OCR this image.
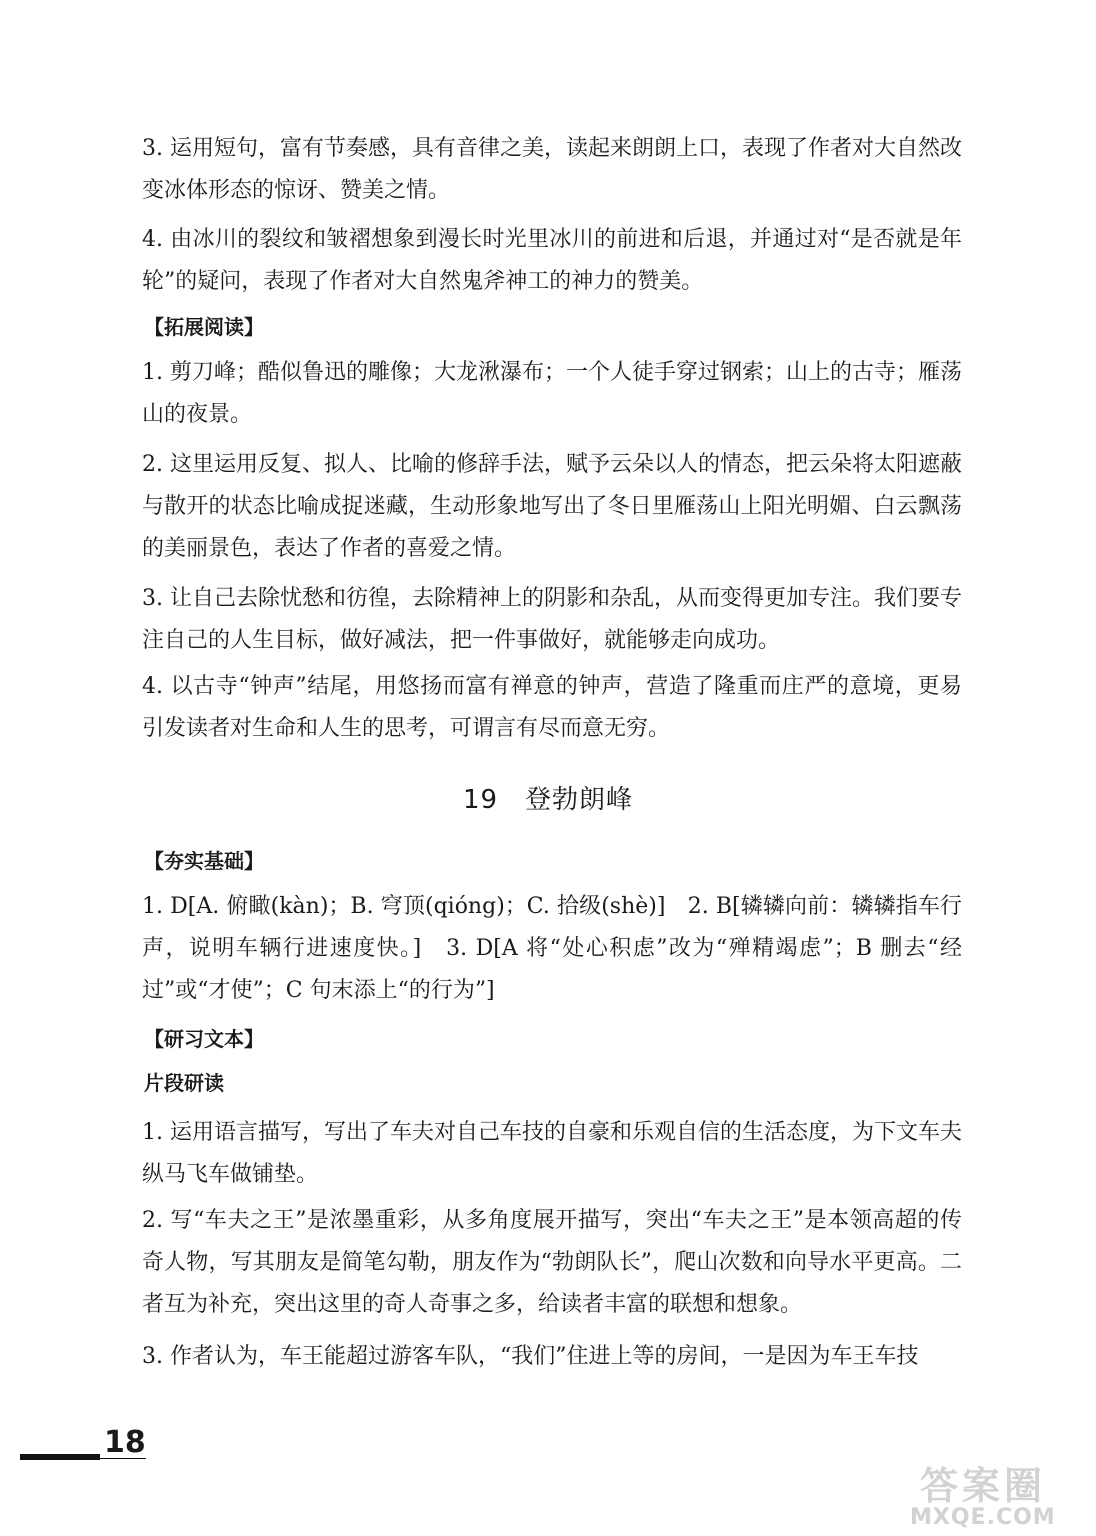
3. 运用短句，富有节奏感，具有音律之美，读起来朗朗上口，表现了作者对大自然改变冰体形态的惊讶、赞美之情。

4. 由冰川的裂纹和皱褶想象到漫长时光里冰川的前进和后退，并通过对“是否就是年轮”的疑问，表现了作者对大自然鬼斧神工的神力的赞美。

【拓展阅读】

1. 剪刀峰；酷似鲁迅的雕像；大龙湫瀑布；一个人徒手穿过钢索；山上的古寺；雁荡山的夜景。

2. 这里运用反复、拟人、比喻的修辞手法，赋予云朵以人的情态，把云朵将太阳遮蔽与散开的状态比喻成捉迷藏，生动形象地写出了冬日里雁荡山上阳光明媚、白云飘荡的美丽景色，表达了作者的喜爱之情。

3. 让自己去除忧愁和彷徨，去除精神上的阴影和杂乱，从而变得更加专注。我们要专注自己的人生目标，做好减法，把一件事做好，就能够走向成功。

4. 以古寺“钟声”结尾，用悠扬而富有禅意的钟声，营造了隆重而庄严的意境，更易引发读者对生命和人生的思考，可谓言有尽而意无穷。

19　登勃朗峰
【夯实基础】

1. D[A. 俯瞰(kàn)；B. 穹顶(qióng)；C. 拾级(shè)]　2. B[辚辚向前：辚辚指车行声，说明车辆行进速度快。]　3. D[A 将“处心积虑”改为“殚精竭虑”；B 删去“经过”或“才使”；C 句末添上“的行为”]

【研习文本】
片段研读

1. 运用语言描写，写出了车夫对自己车技的自豪和乐观自信的生活态度，为下文车夫纵马飞车做铺垫。

2. 写“车夫之王”是浓墨重彩，从多角度展开描写，突出“车夫之王”是本领高超的传奇人物，写其朋友是简笔勾勒，朋友作为“勃朗队长”，爬山次数和向导水平更高。二者互为补充，突出这里的奇人奇事之多，给读者丰富的联想和想象。

3. 作者认为，车王能超过游客车队，“我们”住进上等的房间，一是因为车王车技

18
答案圈
MXQE.COM
